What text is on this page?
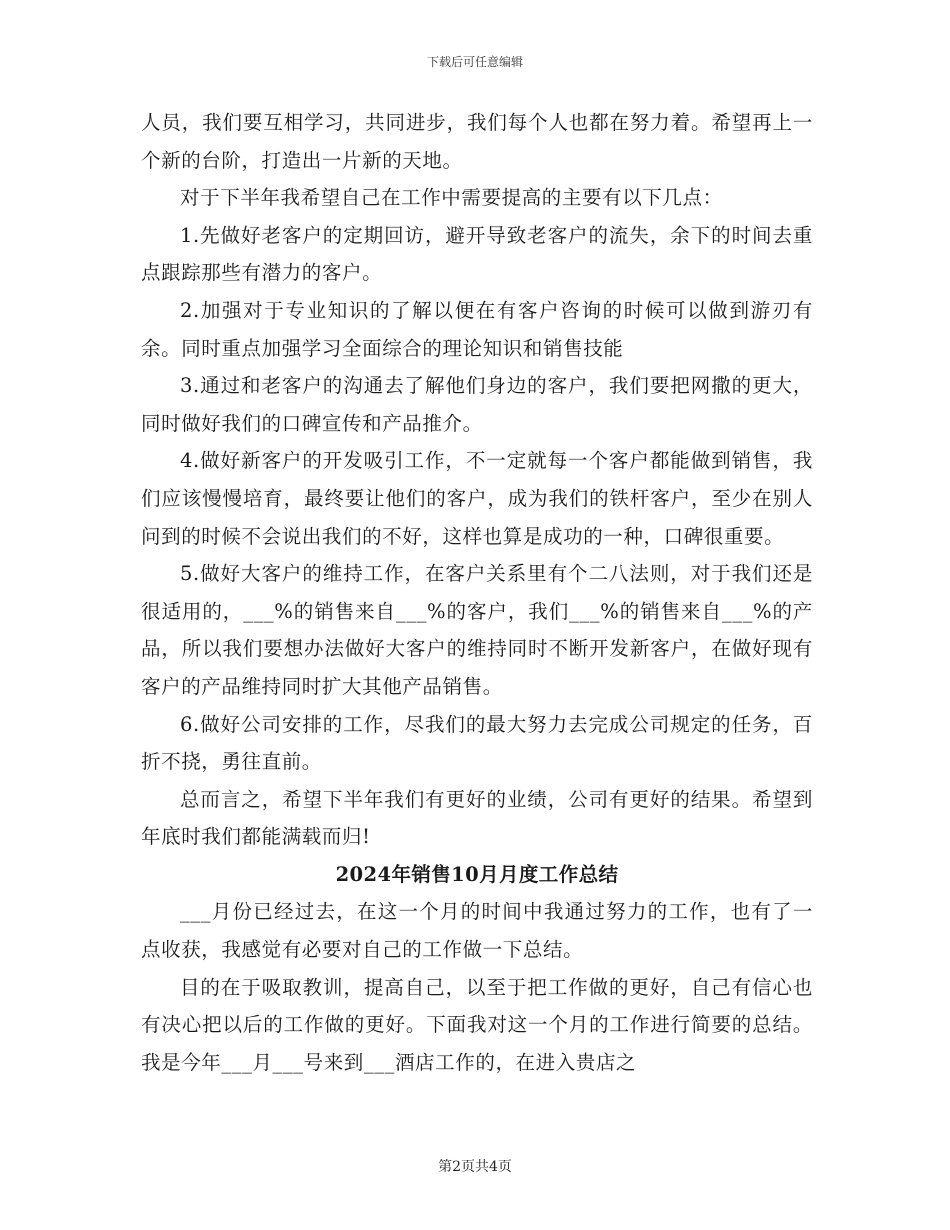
下载后可任意编辑

人员，我们要互相学习，共同进步，我们每个人也都在努力着。希望再上一个新的台阶，打造出一片新的天地。

对于下半年我希望自己在工作中需要提高的主要有以下几点：

1.先做好老客户的定期回访，避开导致老客户的流失，余下的时间去重点跟踪那些有潜力的客户。

2.加强对于专业知识的了解以便在有客户咨询的时候可以做到游刃有余。同时重点加强学习全面综合的理论知识和销售技能

3.通过和老客户的沟通去了解他们身边的客户，我们要把网撒的更大，同时做好我们的口碑宣传和产品推介。

4.做好新客户的开发吸引工作，不一定就每一个客户都能做到销售，我们应该慢慢培育，最终要让他们的客户，成为我们的铁杆客户，至少在别人问到的时候不会说出我们的不好，这样也算是成功的一种，口碑很重要。

5.做好大客户的维持工作，在客户关系里有个二八法则，对于我们还是很适用的，___%的销售来自___%的客户，我们___%的销售来自___%的产品，所以我们要想办法做好大客户的维持同时不断开发新客户，在做好现有客户的产品维持同时扩大其他产品销售。

6.做好公司安排的工作，尽我们的最大努力去完成公司规定的任务，百折不挠，勇往直前。

总而言之，希望下半年我们有更好的业绩，公司有更好的结果。希望到年底时我们都能满载而归!

2024年销售10月月度工作总结

___月份已经过去，在这一个月的时间中我通过努力的工作，也有了一点收获，我感觉有必要对自己的工作做一下总结。

目的在于吸取教训，提高自己，以至于把工作做的更好，自己有信心也有决心把以后的工作做的更好。下面我对这一个月的工作进行简要的总结。我是今年___月___号来到___酒店工作的，在进入贵店之

第2页共4页
